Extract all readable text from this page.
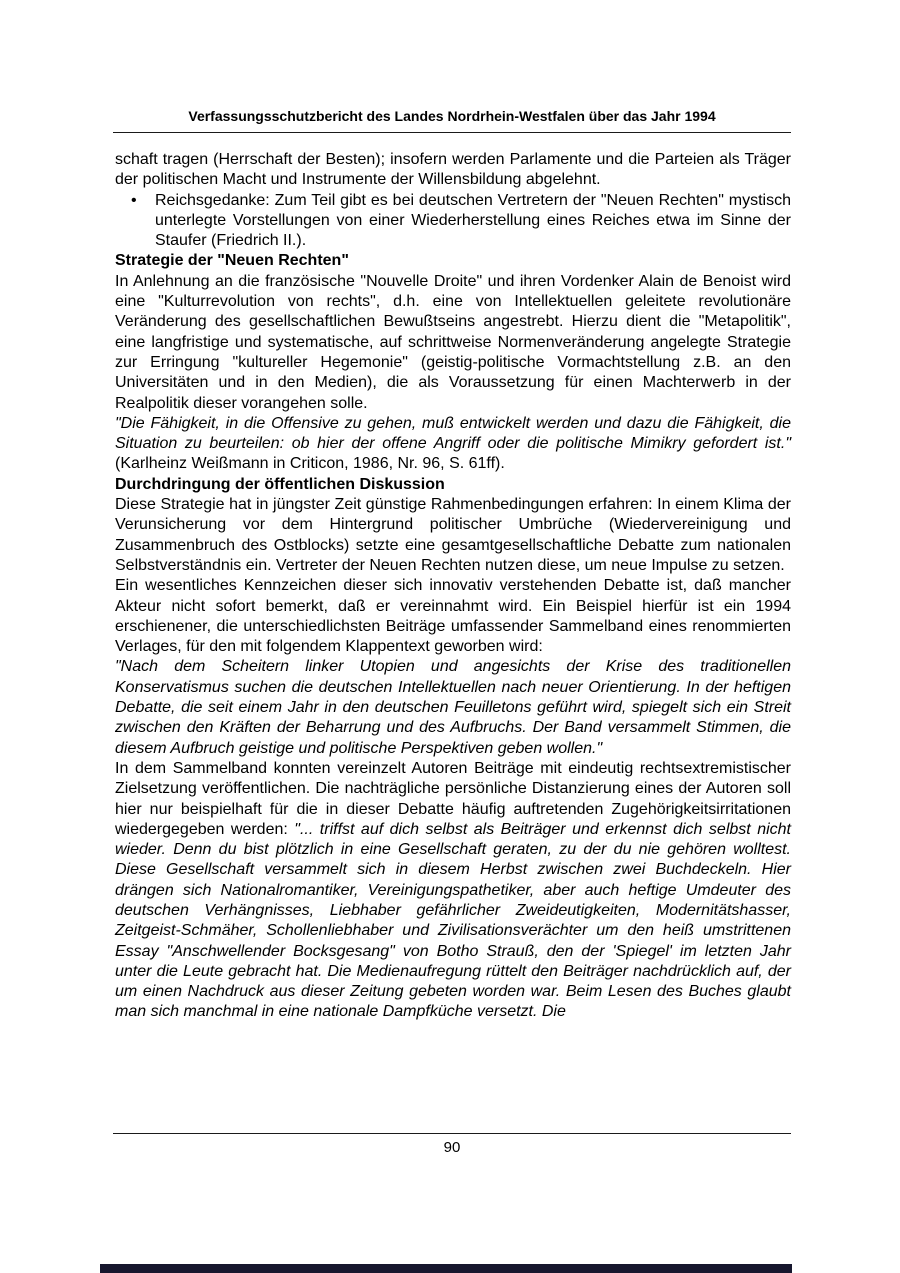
Verfassungsschutzbericht des Landes Nordrhein-Westfalen über das Jahr 1994

schaft tragen (Herrschaft der Besten); insofern werden Parlamente und die Parteien als Träger der politischen Macht und Instrumente der Willensbildung abgelehnt.

• Reichsgedanke: Zum Teil gibt es bei deutschen Vertretern der "Neuen Rechten" mystisch unterlegte Vorstellungen von einer Wiederherstellung eines Reiches etwa im Sinne der Staufer (Friedrich II.).
Strategie der "Neuen Rechten"

In Anlehnung an die französische "Nouvelle Droite" und ihren Vordenker Alain de Benoist wird eine "Kulturrevolution von rechts", d.h. eine von Intellektuellen geleitete revolutionäre Veränderung des gesellschaftlichen Bewußtseins angestrebt. Hierzu dient die "Metapolitik", eine langfristige und systematische, auf schrittweise Normenveränderung angelegte Strategie zur Erringung "kultureller Hegemonie" (geistig-politische Vormachtstellung z.B. an den Universitäten und in den Medien), die als Voraussetzung für einen Machterwerb in der Realpolitik dieser vorangehen solle.

"Die Fähigkeit, in die Offensive zu gehen, muß entwickelt werden und dazu die Fähigkeit, die Situation zu beurteilen: ob hier der offene Angriff oder die politische Mimikry gefordert ist." (Karlheinz Weißmann in Criticon, 1986, Nr. 96, S. 61ff).

Durchdringung der öffentlichen Diskussion

Diese Strategie hat in jüngster Zeit günstige Rahmenbedingungen erfahren: In einem Klima der Verunsicherung vor dem Hintergrund politischer Umbrüche (Wiedervereinigung und Zusammenbruch des Ostblocks) setzte eine gesamtgesellschaftliche Debatte zum nationalen Selbstverständnis ein. Vertreter der Neuen Rechten nutzen diese, um neue Impulse zu setzen.

Ein wesentliches Kennzeichen dieser sich innovativ verstehenden Debatte ist, daß mancher Akteur nicht sofort bemerkt, daß er vereinnahmt wird. Ein Beispiel hierfür ist ein 1994 erschienener, die unterschiedlichsten Beiträge umfassender Sammelband eines renommierten Verlages, für den mit folgendem Klappentext geworben wird:

"Nach dem Scheitern linker Utopien und angesichts der Krise des traditionellen Konservatismus suchen die deutschen Intellektuellen nach neuer Orientierung. In der heftigen Debatte, die seit einem Jahr in den deutschen Feuilletons geführt wird, spiegelt sich ein Streit zwischen den Kräften der Beharrung und des Aufbruchs. Der Band versammelt Stimmen, die diesem Aufbruch geistige und politische Perspektiven geben wollen."

In dem Sammelband konnten vereinzelt Autoren Beiträge mit eindeutig rechtsextremistischer Zielsetzung veröffentlichen. Die nachträgliche persönliche Distanzierung eines der Autoren soll hier nur beispielhaft für die in dieser Debatte häufig auftretenden Zugehörigkeitsirritationen wiedergegeben werden: "... triffst auf dich selbst als Beiträger und erkennst dich selbst nicht wieder. Denn du bist plötzlich in eine Gesellschaft geraten, zu der du nie gehören wolltest. Diese Gesellschaft versammelt sich in diesem Herbst zwischen zwei Buchdeckeln. Hier drängen sich Nationalromantiker, Vereinigungspathetiker, aber auch heftige Umdeuter des deutschen Verhängnisses, Liebhaber gefährlicher Zweideutigkeiten, Modernitätshasser, Zeitgeist-Schmäher, Schollenliebhaber und Zivilisationsverächter um den heiß umstrittenen Essay "Anschwellender Bocksgesang" von Botho Strauß, den der 'Spiegel' im letzten Jahr unter die Leute gebracht hat. Die Medienaufregung rüttelt den Beiträger nachdrücklich auf, der um einen Nachdruck aus dieser Zeitung gebeten worden war. Beim Lesen des Buches glaubt man sich manchmal in eine nationale Dampfküche versetzt. Die

90
